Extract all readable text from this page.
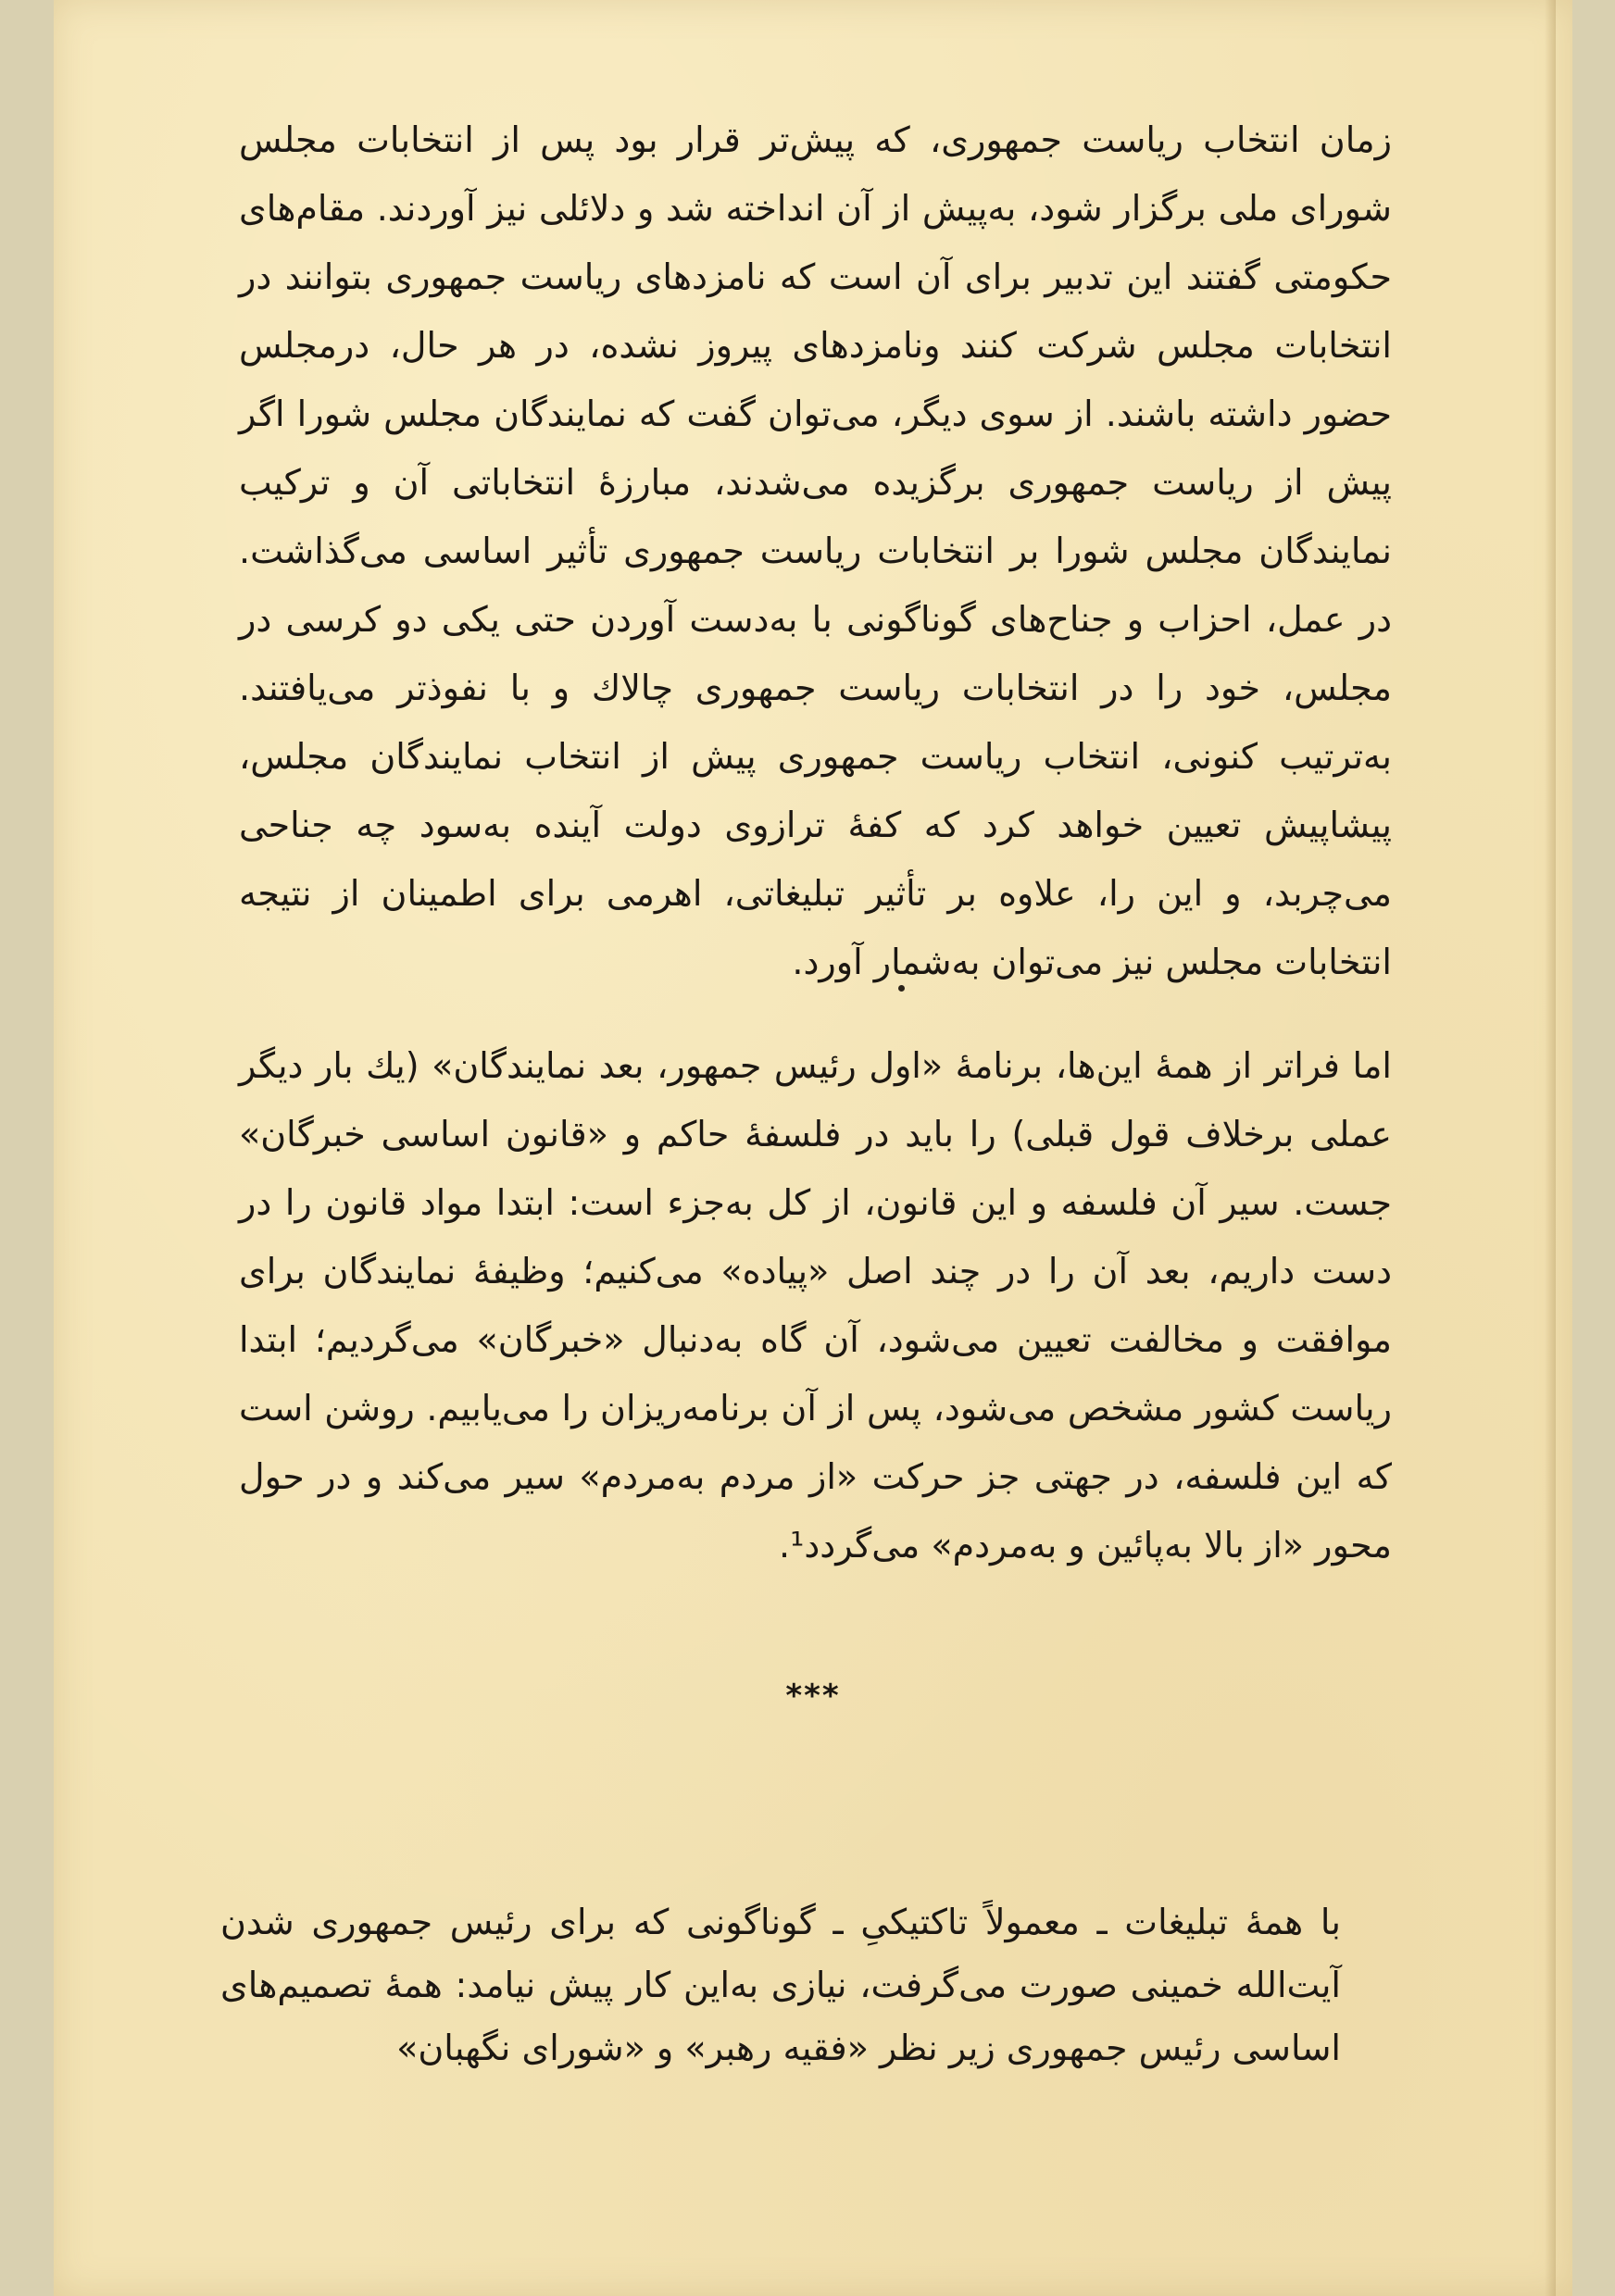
زمان انتخاب ریاست جمهوری، که پیش‌تر قرار بود پس از انتخابات مجلس شورای ملی برگزار شود، به‌پیش از آن انداخته شد و دلائلی نیز آوردند. مقام‌های حکومتی گفتند این تدبیر برای آن است که نامزدهای ریاست جمهوری بتوانند در انتخابات مجلس شرکت کنند ونامزدهای پیروز نشده، در هر حال، درمجلس حضور داشته باشند. از سوی دیگر، می‌توان گفت که نمایندگان مجلس شورا اگر پیش از ریاست جمهوری برگزیده می‌شدند، مبارزهٔ انتخاباتی آن و ترکیب نمایندگان مجلس شورا بر انتخابات ریاست جمهوری تأثیر اساسی می‌گذاشت. در عمل، احزاب و جناح‌های گوناگونی با به‌دست آوردن حتی یکی دو کرسی در مجلس، خود را در انتخابات ریاست جمهوری چالاك و با نفوذتر می‌یافتند. به‌ترتیب کنونی، انتخاب ریاست جمهوری پیش از انتخاب نمایندگان مجلس، پیشاپیش تعیین خواهد کرد که کفهٔ ترازوی دولت آینده به‌سود چه جناحی می‌چربد، و این را، علاوه بر تأثیر تبلیغاتی، اهرمی برای اطمینان از نتیجه انتخابات مجلس نیز می‌توان به‌شمار آورد.

اما فراتر از همهٔ این‌ها، برنامهٔ «اول رئیس جمهور، بعد نمایندگان» (یك بار دیگر عملی برخلاف قول قبلی) را باید در فلسفهٔ حاکم و «قانون اساسی خبرگان» جست. سیر آن فلسفه و این قانون، از کل به‌جزء است: ابتدا مواد قانون را در دست داریم، بعد آن را در چند اصل «پیاده» می‌کنیم؛ وظیفهٔ نمایندگان برای موافقت و مخالفت تعیین می‌شود، آن گاه به‌دنبال «خبرگان» می‌گردیم؛ ابتدا ریاست کشور مشخص می‌شود، پس از آن برنامه‌ریزان را می‌یابیم. روشن است که این فلسفه، در جهتی جز حرکت «از مردم به‌مردم» سیر می‌کند و در حول محور «از بالا به‌پائین و به‌مردم» می‌گردد¹.

***

با همهٔ تبلیغات ـ معمولاً تاکتیکیِ ـ گوناگونی که برای رئیس جمهوری شدن آیت‌الله خمینی صورت می‌گرفت، نیازی به‌این کار پیش نیامد: همهٔ تصمیم‌های اساسی رئیس جمهوری زیر نظر «فقیه رهبر» و «شورای نگهبان»
